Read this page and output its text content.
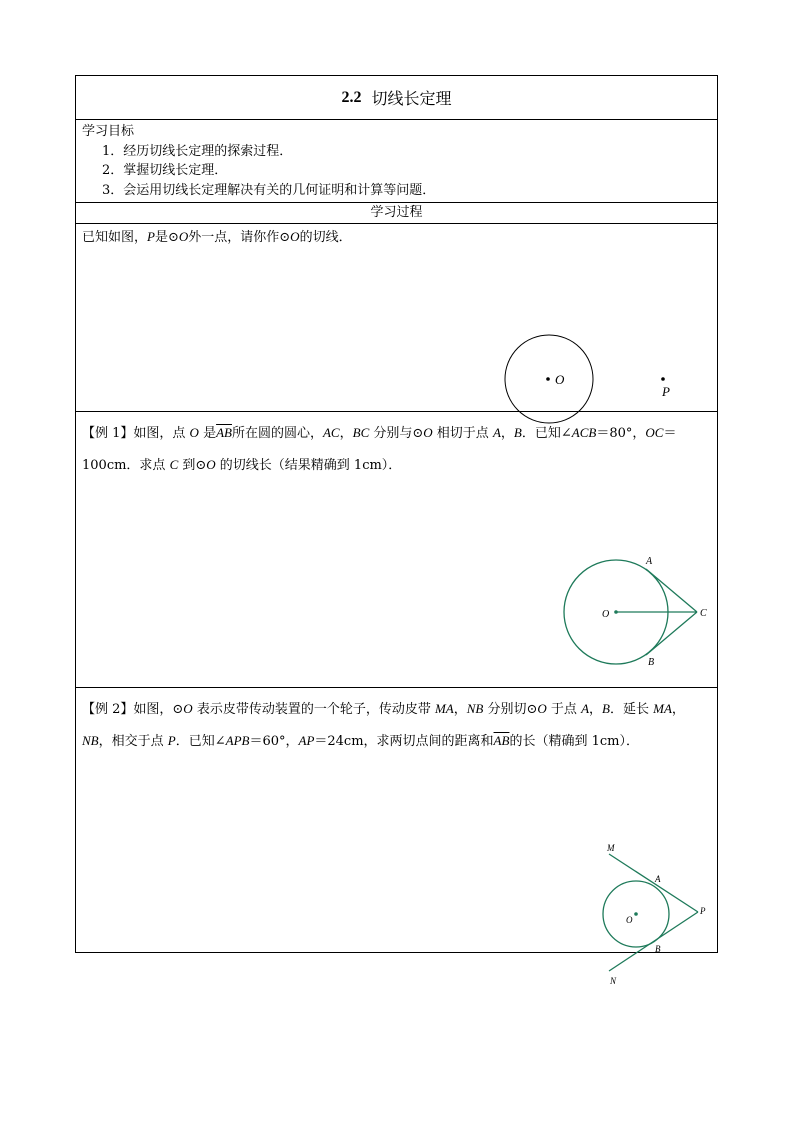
2.2 切线长定理
学习目标
1．经历切线长定理的探索过程．
2．掌握切线长定理．
3．会运用切线长定理解决有关的几何证明和计算等问题．
学习过程
已知如图，P是⊙O外一点，请你作⊙O的切线．
O
P
【例 1】如图，点 O 是$\overline{AB}$所在圆的圆心，AC，BC 分别与⊙O 相切于点 A，B．已知∠ACB＝80°，OC＝100cm．求点 C 到⊙O 的切线长（结果精确到 1cm）．
A
B
C
O
【例 2】如图，⊙O 表示皮带传动装置的一个轮子，传动皮带 MA，NB 分别切⊙O 于点 A，B．延长 MA，NB，相交于点 P．已知∠APB＝60°，AP＝24cm，求两切点间的距离和$\overline{AB}$的长（精确到 1cm）．
M
A
P
O
B
N
